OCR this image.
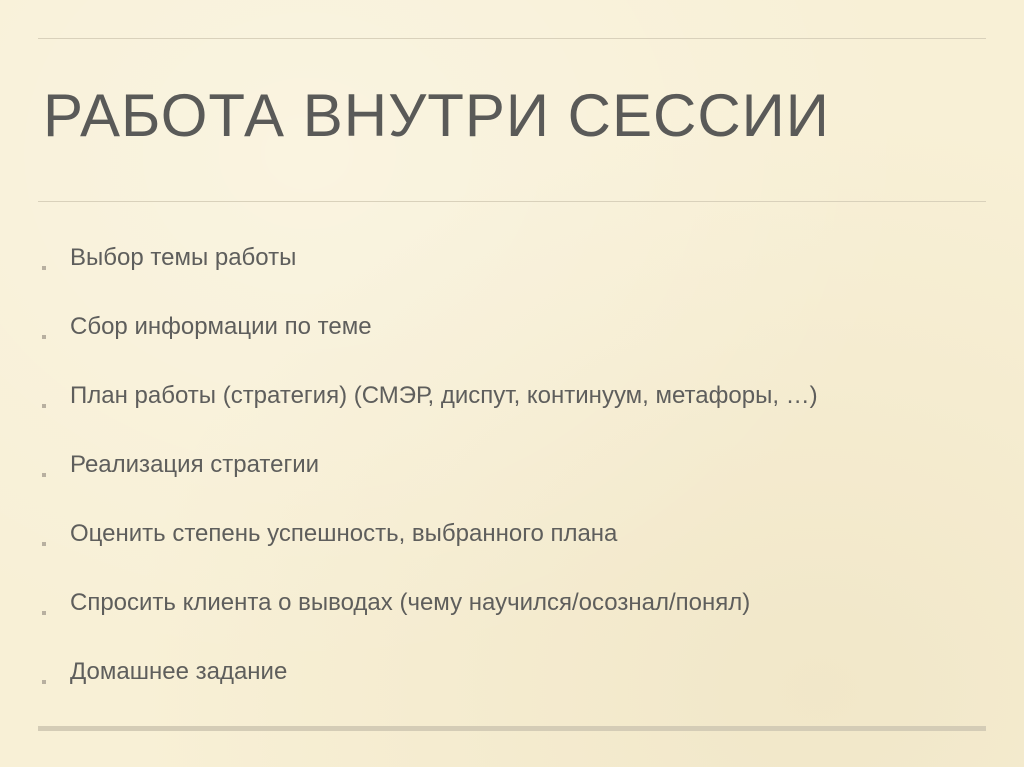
РАБОТА ВНУТРИ СЕССИИ
Выбор темы работы
Сбор информации по теме
План работы (стратегия) (СМЭР, диспут, континуум, метафоры, …)
Реализация стратегии
Оценить степень успешность, выбранного плана
Спросить клиента о выводах (чему научился/осознал/понял)
Домашнее задание
